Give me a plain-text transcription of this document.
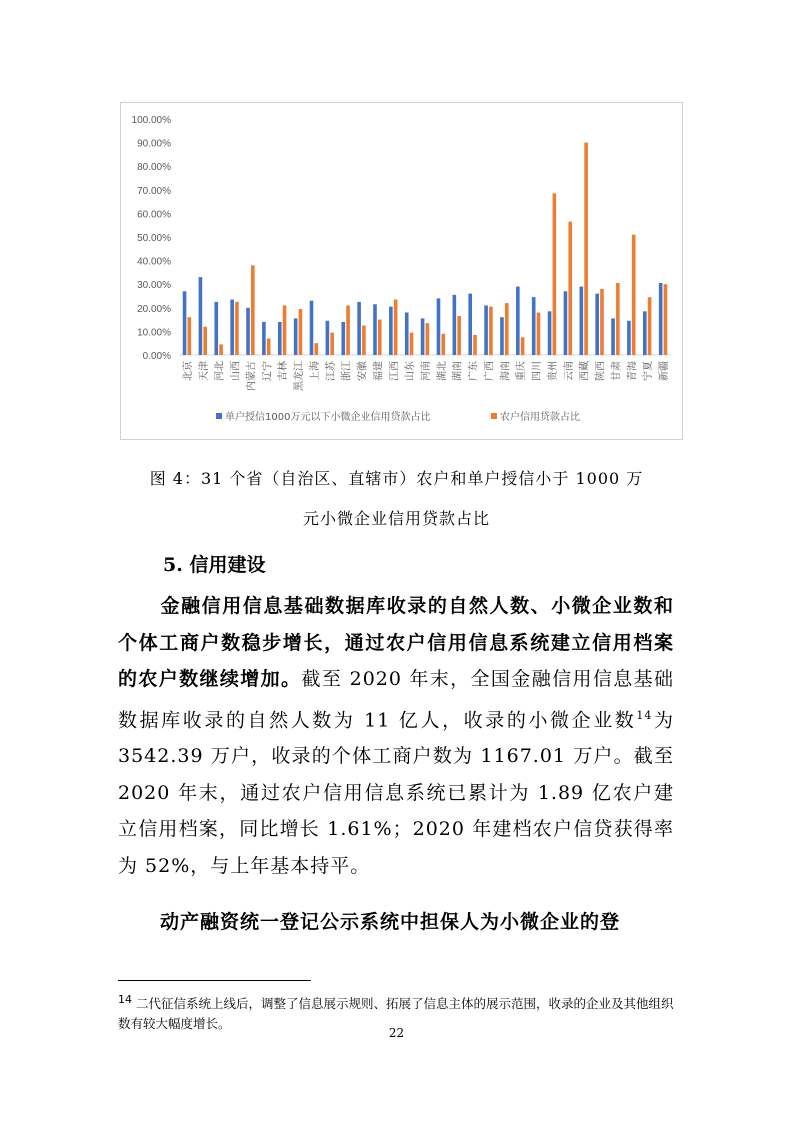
0.00%
10.00%
20.00%
30.00%
40.00%
50.00%
60.00%
70.00%
80.00%
90.00%
100.00%
北京 天津 河北 山西 内蒙古 辽宁 吉林 黑龙江 上海 江苏 浙江 安徽 福建 江西 山东 河南 湖北 湖南 广东 广西 海南 重庆 四川 贵州 云南 西藏 陕西 甘肃 青海 宁夏 新疆
单户授信1000万元以下小微企业信用贷款占比	农户信用贷款占比
图 4：31 个省（自治区、直辖市）农户和单户授信小于 1000 万
元小微企业信用贷款占比
5. 信用建设
金融信用信息基础数据库收录的自然人数、小微企业数和个体工商户数稳步增长，通过农户信用信息系统建立信用档案的农户数继续增加。截至 2020 年末，全国金融信用信息基础数据库收录的自然人数为 11 亿人，收录的小微企业数$^{14}$为 3542.39 万户，收录的个体工商户数为 1167.01 万户。截至 2020 年末，通过农户信用信息系统已累计为 1.89 亿农户建立信用档案，同比增长 1.61%；2020 年建档农户信贷获得率为 52%，与上年基本持平。
动产融资统一登记公示系统中担保人为小微企业的登
$^{14}$ 二代征信系统上线后，调整了信息展示规则、拓展了信息主体的展示范围，收录的企业及其他组织数有较大幅度增长。
22
